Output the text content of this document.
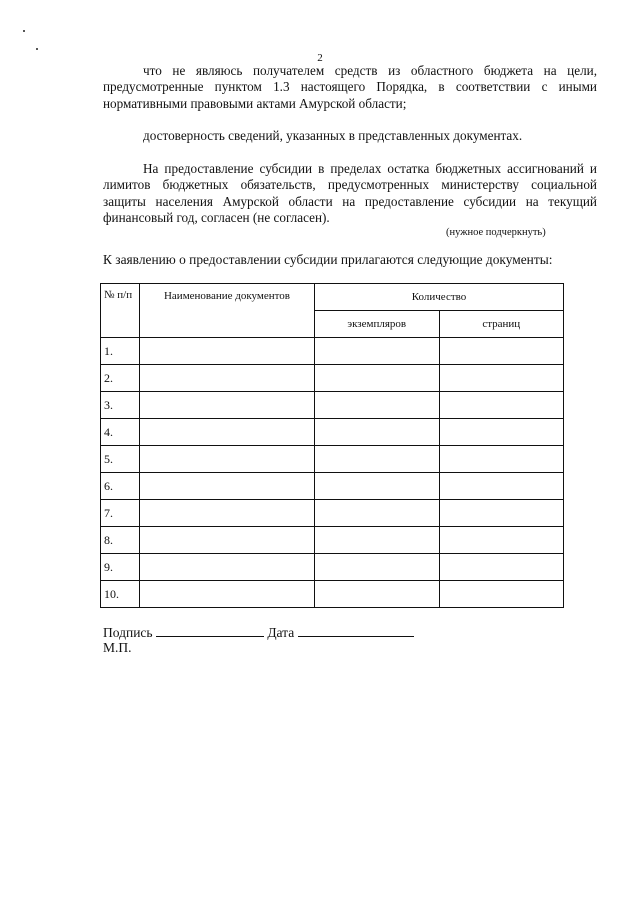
2

что не являюсь получателем средств из областного бюджета на цели, предусмотренные пунктом 1.3 настоящего Порядка, в соответствии с иными нормативными правовыми актами Амурской области;

достоверность сведений, указанных в представленных документах.

На предоставление субсидии в пределах остатка бюджетных ассигнований и лимитов бюджетных обязательств, предусмотренных министерству социальной защиты населения Амурской области на предоставление субсидии на текущий финансовый год, согласен (не согласен).

(нужное подчеркнуть)

К заявлению о предоставлении субсидии прилагаются следующие документы:

№ п/п	Наименование документов	Количество	
		экземпляров	страниц
1.			
2.			
3.			
4.			
5.			
6.			
7.			
8.			
9.			
10.			
Подпись	Дата
М.П.
